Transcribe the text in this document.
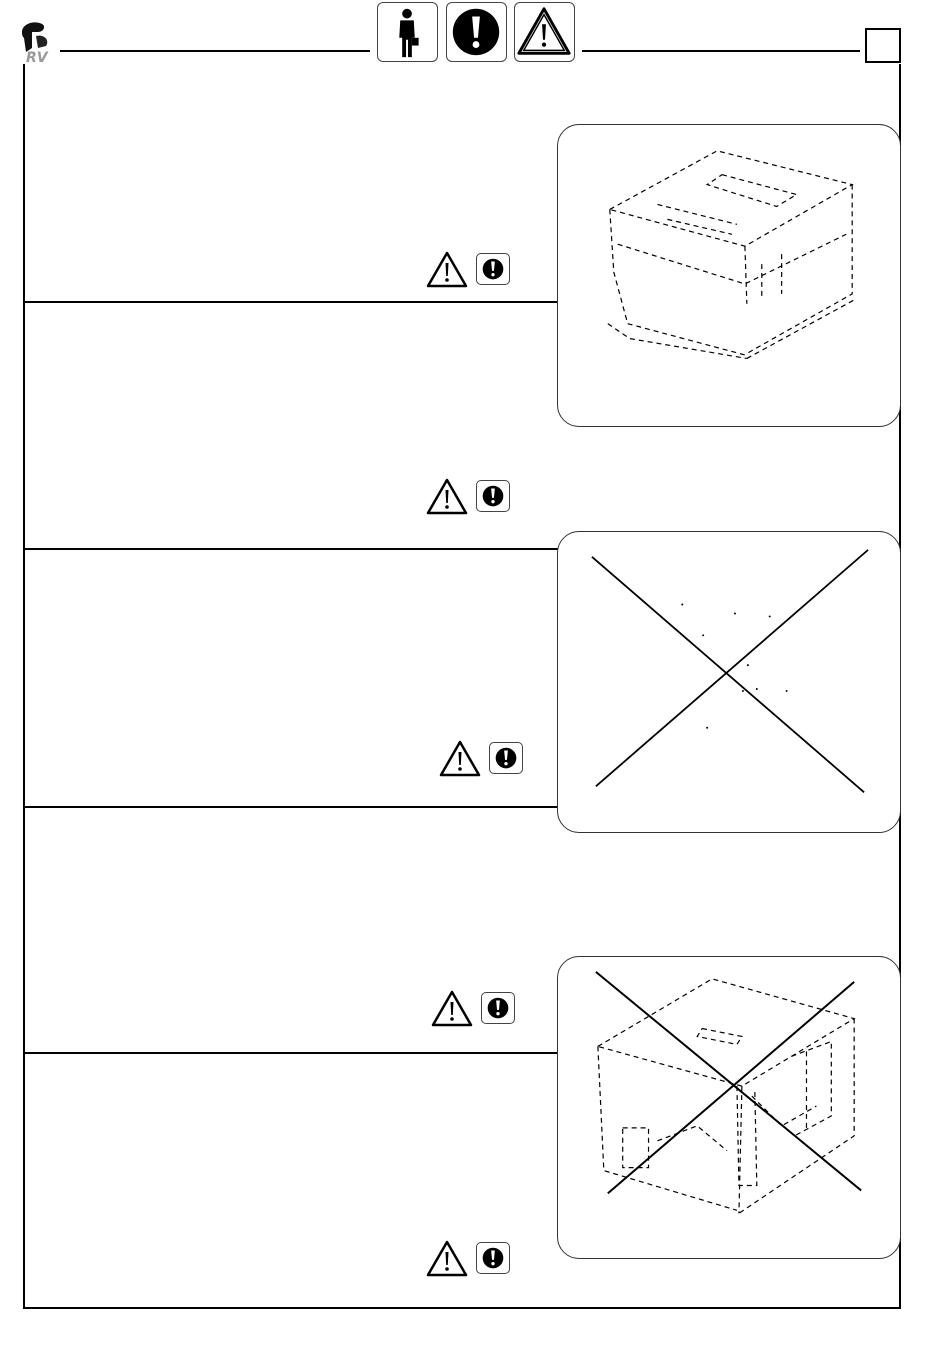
RV
